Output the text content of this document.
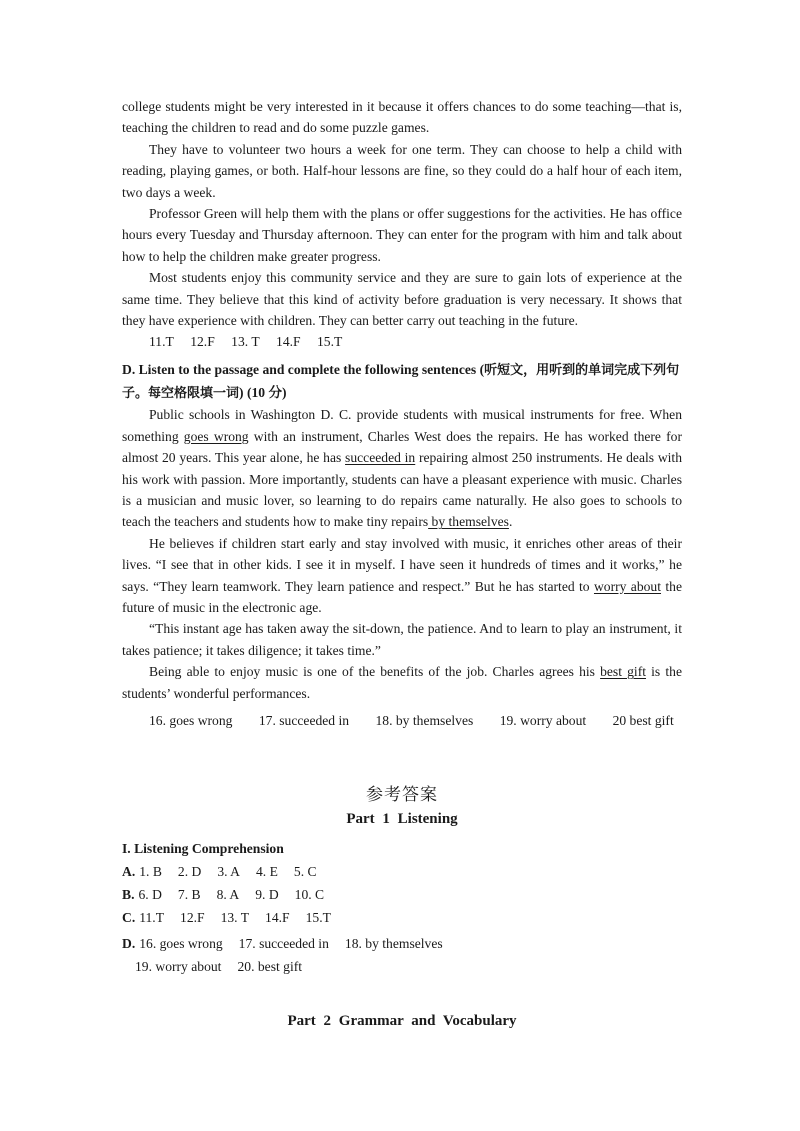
college students might be very interested in it because it offers chances to do some teaching—that is, teaching the children to read and do some puzzle games.

They have to volunteer two hours a week for one term. They can choose to help a child with reading, playing games, or both. Half-hour lessons are fine, so they could do a half hour of each item, two days a week.

Professor Green will help them with the plans or offer suggestions for the activities. He has office hours every Tuesday and Thursday afternoon. They can enter for the program with him and talk about how to help the children make greater progress.

Most students enjoy this community service and they are sure to gain lots of experience at the same time. They believe that this kind of activity before graduation is very necessary. It shows that they have experience with children. They can better carry out teaching in the future.

11.T 12.F 13. T 14.F 15.T
D. Listen to the passage and complete the following sentences (听短文，用听到的单词完成下列句子。每空格限填一词) (10 分)

Public schools in Washington D. C. provide students with musical instruments for free. When something goes wrong with an instrument, Charles West does the repairs. He has worked there for almost 20 years. This year alone, he has succeeded in repairing almost 250 instruments. He deals with his work with passion. More importantly, students can have a pleasant experience with music. Charles is a musician and music lover, so learning to do repairs came naturally. He also goes to schools to teach the teachers and students how to make tiny repairs by themselves.

He believes if children start early and stay involved with music, it enriches other areas of their lives. “I see that in other kids. I see it in myself. I have seen it hundreds of times and it works,” he says. “They learn teamwork. They learn patience and respect.” But he has started to worry about the future of music in the electronic age.

“This instant age has taken away the sit-down, the patience. And to learn to play an instrument, it takes patience; it takes diligence; it takes time.”

Being able to enjoy music is one of the benefits of the job. Charles agrees his best gift is the students’ wonderful performances.

16. goes wrong 17. succeeded in 18. by themselves 19. worry about 20 best gift
参考答案
Part 1 Listening
I. Listening Comprehension
A. 1. B 2. D 3. A 4. E 5. C
B. 6. D 7. B 8. A 9. D 10. C
C. 11.T 12.F 13. T 14.F 15.T
D. 16. goes wrong 17. succeeded in 18. by themselves
19. worry about 20. best gift
Part 2 Grammar and Vocabulary
